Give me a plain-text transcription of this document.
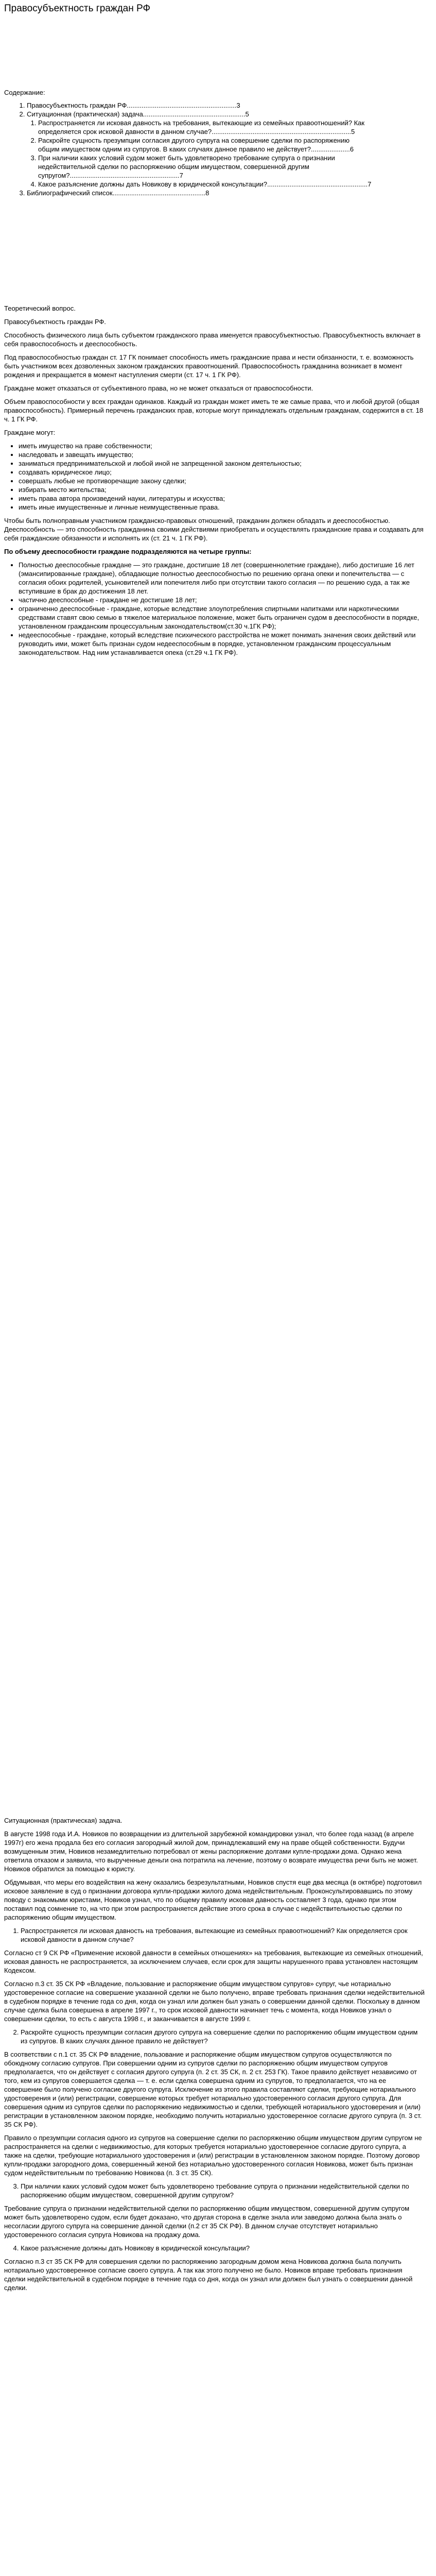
Правосубъектность граждан РФ
Содержание:
1. Правосубъектность граждан РФ...........................................................3
2. Ситуационная (практическая) задача.......................................................5
1. Распространяется ли исковая давность на требования, вытекающие из семейных правоотношений? Как определяется срок исковой давности в данном случае?...........................................................................5
2. Раскройте сущность презумпции согласия другого супруга на совершение сделки по распоряжению общим имуществом одним из супругов. В каких случаях данное правило не действует?.....................6
3. При наличии каких условий судом может быть удовлетворено требование супруга о признании недействительной сделки по распоряжению общим имуществом, совершенной другим супругом?...........................................................7
4. Какое разъяснение должны дать Новикову в юридической консультации?......................................................7
3. Библиографический список..................................................8

Теоретический вопрос.

Правосубъектность граждан РФ.

Способность физического лица быть субъектом гражданского права именуется правосубъектностью. Правосубъектность включает в себя правоспособность и дееспособность.

Под правоспособностью граждан ст. 17 ГК понимает способность иметь гражданские права и нести обязанности, т. е. возможность быть участником всех дозволенных законом гражданских правоотношений. Правоспособность гражданина возникает в момент рождения и прекращается в момент наступления смерти (ст. 17 ч. 1 ГК РФ).

Граждане может отказаться от субъективного права, но не может отказаться от правоспособности.

Объем правоспособности у всех граждан одинаков. Каждый из граждан может иметь те же самые права, что и любой другой (общая правоспособность). Примерный перечень гражданских прав, которые могут принадлежать отдельным гражданам, содержится в ст. 18 ч. 1 ГК РФ.

Граждане могут:

• иметь имущество на праве собственности;
• наследовать и завещать имущество;
• заниматься предпринимательской и любой иной не запрещенной законом деятельностью;
• создавать юридическое лицо;
• совершать любые не противоречащие закону сделки;
• избирать место жительства;
• иметь права автора произведений науки, литературы и искусства;
• иметь иные имущественные и личные неимущественные права.

Чтобы быть полноправным участником гражданско-правовых отношений, гражданин должен обладать и дееспособностью. Дееспособность — это способность гражданина своими действиями приобретать и осуществлять гражданские права и создавать для себя гражданские обязанности и исполнять их (ст. 21 ч. 1 ГК РФ).

По объему дееспособности граждане подразделяются на четыре группы:

• Полностью дееспособные граждане — это граждане, достигшие 18 лет (совершеннолетние граждане), либо достигшие 16 лет (эмансипированные граждане), обладающие полностью дееспособностью по решению органа опеки и попечительства — с согласия обоих родителей, усыновителей или попечителя либо при отсутствии такого согласия — по решению суда, а так же вступившие в брак до достижения 18 лет.
• частично дееспособные - граждане не достигшие 18 лет;
• ограниченно дееспособные - граждане, которые вследствие злоупотребления спиртными напитками или наркотическими средствами ставят свою семью в тяжелое материальное положение, может быть ограничен судом в дееспособности в порядке, установленном гражданским процессуальным законодательством(ст.30 ч.1ГК РФ);
• недееспособные - граждане, который вследствие психического расстройства не может понимать значения своих действий или руководить ими, может быть признан судом недееспособным в порядке, установленном гражданским процессуальным законодательством. Над ним устанавливается опека (ст.29 ч.1 ГК РФ).

Ситуационная (практическая) задача.

В августе 1998 года И.А. Новиков по возвращении из длительной зарубежной командировки узнал, что более года назад (в апреле 1997г) его жена продала без его согласия загородный жилой дом, принадлежавший ему на праве общей собственности. Будучи возмущенным этим, Новиков незамедлительно потребовал от жены распоряжение долгами купле-продажи дома. Однако жена ответила отказом и заявила, что вырученные деньги она потратила на лечение, поэтому о возврате имущества речи быть не может. Новиков обратился за помощью к юристу.

Обдумывая, что меры его воздействия на жену оказались безрезультатными, Новиков спустя еще два месяца (в октябре) подготовил исковое заявление в суд о признании договора купли-продажи жилого дома недействительным. Проконсультировавшись по этому поводу с знакомыми юристами, Новиков узнал, что по общему правилу исковая давность составляет 3 года, однако при этом поставил под сомнение то, на что при этом распространяется действие этого срока в случае с недействительностью сделки по распоряжению общим имуществом.

1. Распространяется ли исковая давность на требования, вытекающие из семейных правоотношений? Как определяется срок исковой давности в данном случае?

Согласно ст 9 СК РФ «Применение исковой давности в семейных отношениях» на требования, вытекающие из семейных отношений, исковая давность не распространяется, за исключением случаев, если срок для защиты нарушенного права установлен настоящим Кодексом.

Согласно п.3 ст. 35 СК РФ «Владение, пользование и распоряжение общим имуществом супругов» супруг, чье нотариально удостоверенное согласие на совершение указанной сделки не было получено, вправе требовать признания сделки недействительной в судебном порядке в течение года со дня, когда он узнал или должен был узнать о совершении данной сделки. Поскольку в данном случае сделка была совершена в апреле 1997 г., то срок исковой давности начинает течь с момента, когда Новиков узнал о совершении сделки, то есть с августа 1998 г., и заканчивается в августе 1999 г.

2. Раскройте сущность презумпции согласия другого супруга на совершение сделки по распоряжению общим имуществом одним из супругов. В каких случаях данное правило не действует?

В соответствии с п.1 ст. 35 СК РФ владение, пользование и распоряжение общим имуществом супругов осуществляются по обоюдному согласию супругов. При совершении одним из супругов сделки по распоряжению общим имуществом супругов предполагается, что он действует с согласия другого супруга (п. 2 ст. 35 СК, п. 2 ст. 253 ГК). Такое правило действует независимо от того, кем из супругов совершается сделка — т. е. если сделка совершена одним из супругов, то предполагается, что на ее совершение было получено согласие другого супруга. Исключение из этого правила составляют сделки, требующие нотариального удостоверения и (или) регистрации, совершение которых требует нотариально удостоверенного согласия другого супруга. Для совершения одним из супругов сделки по распоряжению недвижимостью и сделки, требующей нотариального удостоверения и (или) регистрации в установленном законом порядке, необходимо получить нотариально удостоверенное согласие другого супруга (п. 3 ст. 35 СК РФ).

Правило о презумпции согласия одного из супругов на совершение сделки по распоряжению общим имуществом другим супругом не распространяется на сделки с недвижимостью, для которых требуется нотариально удостоверенное согласие другого супруга, а также на сделки, требующие нотариального удостоверения и (или) регистрации в установленном законом порядке. Поэтому договор купли-продажи загородного дома, совершенный женой без нотариально удостоверенного согласия Новикова, может быть признан судом недействительным по требованию Новикова (п. 3 ст. 35 СК).

3. При наличии каких условий судом может быть удовлетворено требование супруга о признании недействительной сделки по распоряжению общим имуществом, совершенной другим супругом?

Требование супруга о признании недействительной сделки по распоряжению общим имуществом, совершенной другим супругом может быть удовлетворено судом, если будет доказано, что другая сторона в сделке знала или заведомо должна была знать о несогласии другого супруга на совершение данной сделки (п.2 ст 35 СК РФ). В данном случае отсутствует нотариально удостоверенного согласия супруга Новикова на продажу дома.

4. Какое разъяснение должны дать Новикову в юридической консультации?

Согласно п.3 ст 35 СК РФ для совершения сделки по распоряжению загородным домом жена Новикова должна была получить нотариально удостоверенное согласие своего супруга. А так как этого получено не было. Новиков вправе требовать признания сделки недействительной в судебном порядке в течение года со дня, когда он узнал или должен был узнать о совершении данной сделки.
